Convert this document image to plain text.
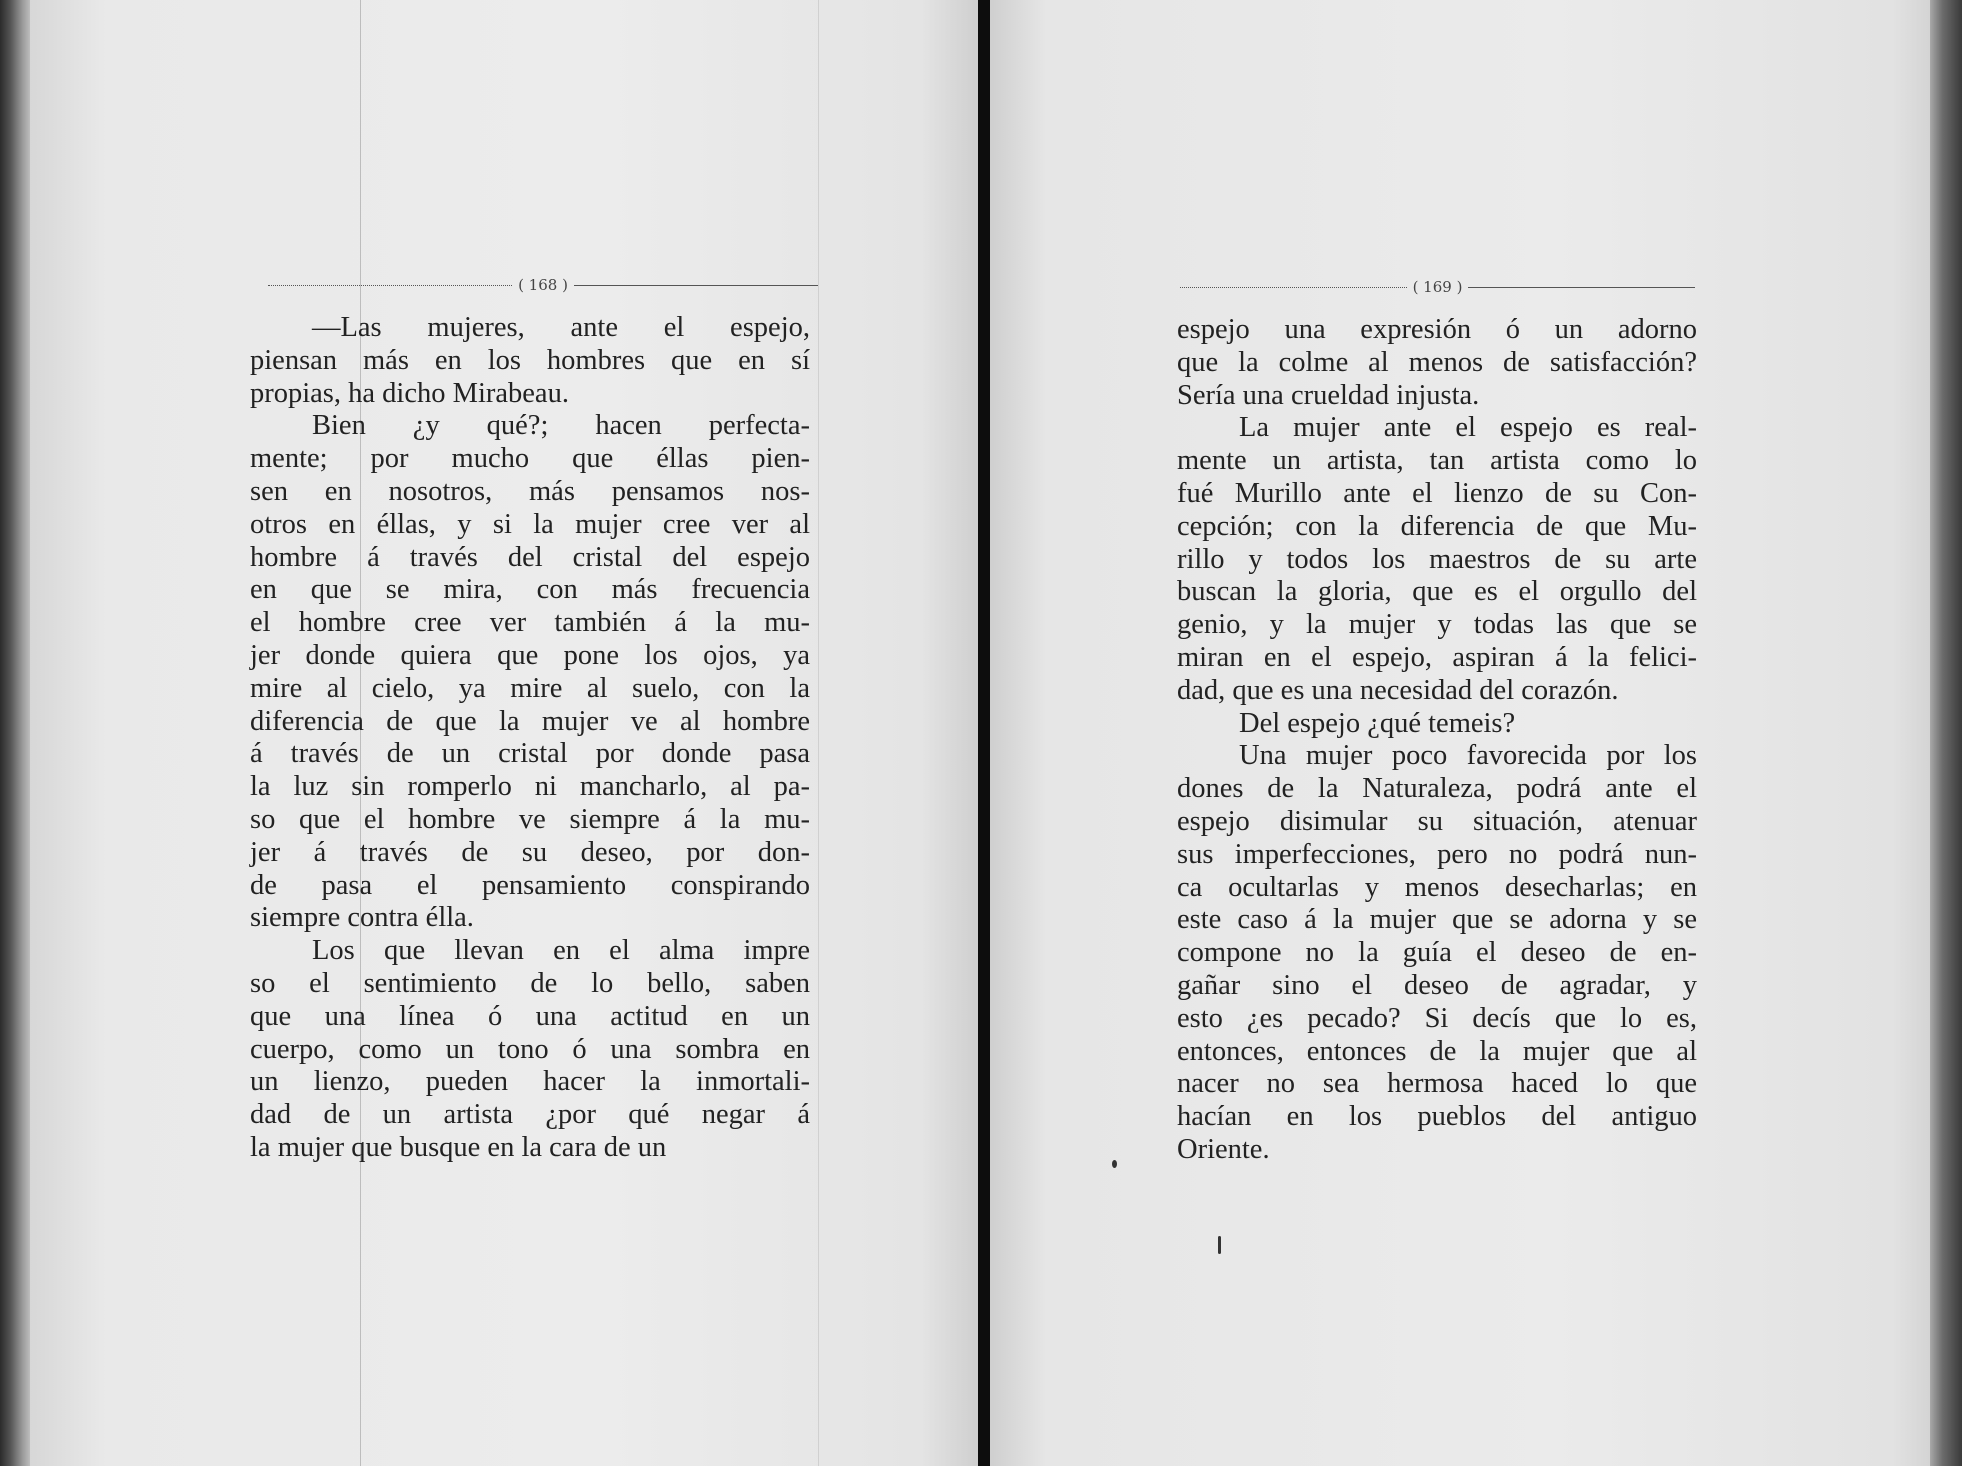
( 168 )

—Las mujeres, ante el espejo,
piensan más en los hombres que en sí
propias, ha dicho Mirabeau.

Bien ¿y qué?; hacen perfecta-
mente; por mucho que éllas pien-
sen en nosotros, más pensamos nos-
otros en éllas, y si la mujer cree ver al
hombre á través del cristal del espejo
en que se mira, con más frecuencia
el hombre cree ver también á la mu-
jer donde quiera que pone los ojos, ya
mire al cielo, ya mire al suelo, con la
diferencia de que la mujer ve al hombre
á través de un cristal por donde pasa
la luz sin romperlo ni mancharlo, al pa-
so que el hombre ve siempre á la mu-
jer á través de su deseo, por don-
de pasa el pensamiento conspirando
siempre contra élla.

Los que llevan en el alma impre
so el sentimiento de lo bello, saben
que una línea ó una actitud en un
cuerpo, como un tono ó una sombra en
un lienzo, pueden hacer la inmortali-
dad de un artista ¿por qué negar á
la mujer que busque en la cara de un

( 169 )

espejo una expresión ó un adorno
que la colme al menos de satisfacción?
Sería una crueldad injusta.

La mujer ante el espejo es real-
mente un artista, tan artista como lo
fué Murillo ante el lienzo de su Con-
cepción; con la diferencia de que Mu-
rillo y todos los maestros de su arte
buscan la gloria, que es el orgullo del
genio, y la mujer y todas las que se
miran en el espejo, aspiran á la felici-
dad, que es una necesidad del corazón.

Del espejo ¿qué temeis?

Una mujer poco favorecida por los
dones de la Naturaleza, podrá ante el
espejo disimular su situación, atenuar
sus imperfecciones, pero no podrá nun-
ca ocultarlas y menos desecharlas; en
este caso á la mujer que se adorna y se
compone no la guía el deseo de en-
gañar sino el deseo de agradar, y
esto ¿es pecado? Si decís que lo es,
entonces, entonces de la mujer que al
nacer no sea hermosa haced lo que
hacían en los pueblos del antiguo
Oriente.
